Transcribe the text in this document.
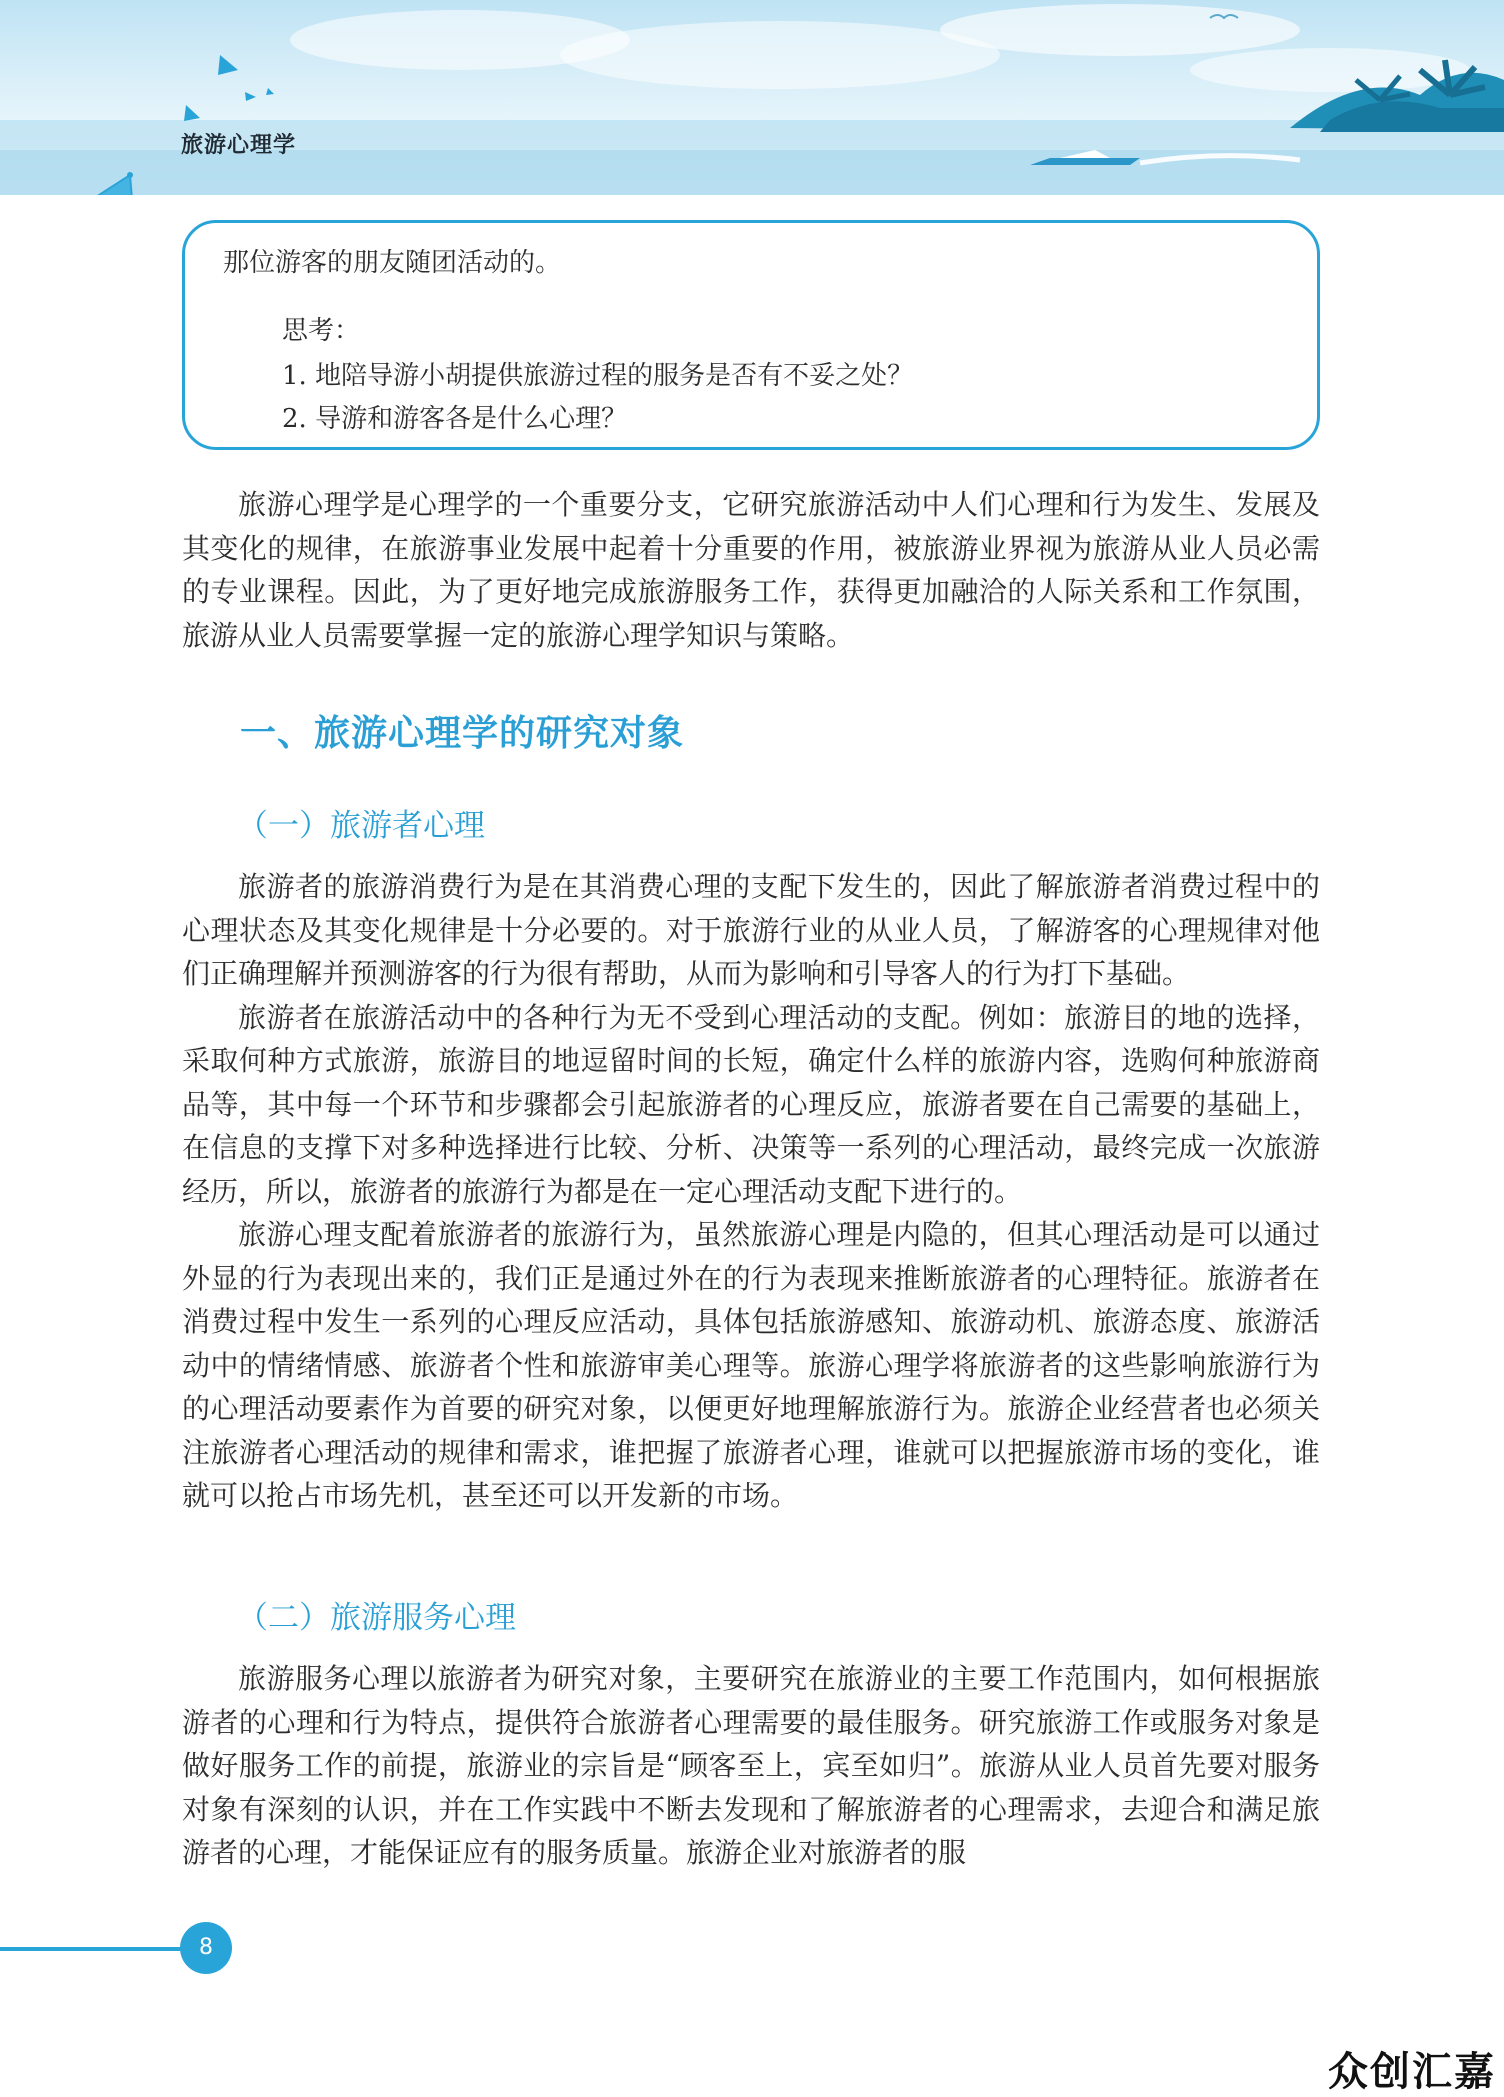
旅游心理学
那位游客的朋友随团活动的。
思考：
1. 地陪导游小胡提供旅游过程的服务是否有不妥之处？
2. 导游和游客各是什么心理？

旅游心理学是心理学的一个重要分支，它研究旅游活动中人们心理和行为发生、发展及其变化的规律，在旅游事业发展中起着十分重要的作用，被旅游业界视为旅游从业人员必需的专业课程。因此，为了更好地完成旅游服务工作，获得更加融洽的人际关系和工作氛围，旅游从业人员需要掌握一定的旅游心理学知识与策略。

一、旅游心理学的研究对象
（一）旅游者心理

旅游者的旅游消费行为是在其消费心理的支配下发生的，因此了解旅游者消费过程中的心理状态及其变化规律是十分必要的。对于旅游行业的从业人员，了解游客的心理规律对他们正确理解并预测游客的行为很有帮助，从而为影响和引导客人的行为打下基础。

旅游者在旅游活动中的各种行为无不受到心理活动的支配。例如：旅游目的地的选择，采取何种方式旅游，旅游目的地逗留时间的长短，确定什么样的旅游内容，选购何种旅游商品等，其中每一个环节和步骤都会引起旅游者的心理反应，旅游者要在自己需要的基础上，在信息的支撑下对多种选择进行比较、分析、决策等一系列的心理活动，最终完成一次旅游经历，所以，旅游者的旅游行为都是在一定心理活动支配下进行的。

旅游心理支配着旅游者的旅游行为，虽然旅游心理是内隐的，但其心理活动是可以通过外显的行为表现出来的，我们正是通过外在的行为表现来推断旅游者的心理特征。旅游者在消费过程中发生一系列的心理反应活动，具体包括旅游感知、旅游动机、旅游态度、旅游活动中的情绪情感、旅游者个性和旅游审美心理等。旅游心理学将旅游者的这些影响旅游行为的心理活动要素作为首要的研究对象，以便更好地理解旅游行为。旅游企业经营者也必须关注旅游者心理活动的规律和需求，谁把握了旅游者心理，谁就可以把握旅游市场的变化，谁就可以抢占市场先机，甚至还可以开发新的市场。

（二）旅游服务心理

旅游服务心理以旅游者为研究对象，主要研究在旅游业的主要工作范围内，如何根据旅游者的心理和行为特点，提供符合旅游者心理需要的最佳服务。研究旅游工作或服务对象是做好服务工作的前提，旅游业的宗旨是“顾客至上，宾至如归”。旅游从业人员首先要对服务对象有深刻的认识，并在工作实践中不断去发现和了解旅游者的心理需求，去迎合和满足旅游者的心理，才能保证应有的服务质量。旅游企业对旅游者的服

8
众创汇嘉
